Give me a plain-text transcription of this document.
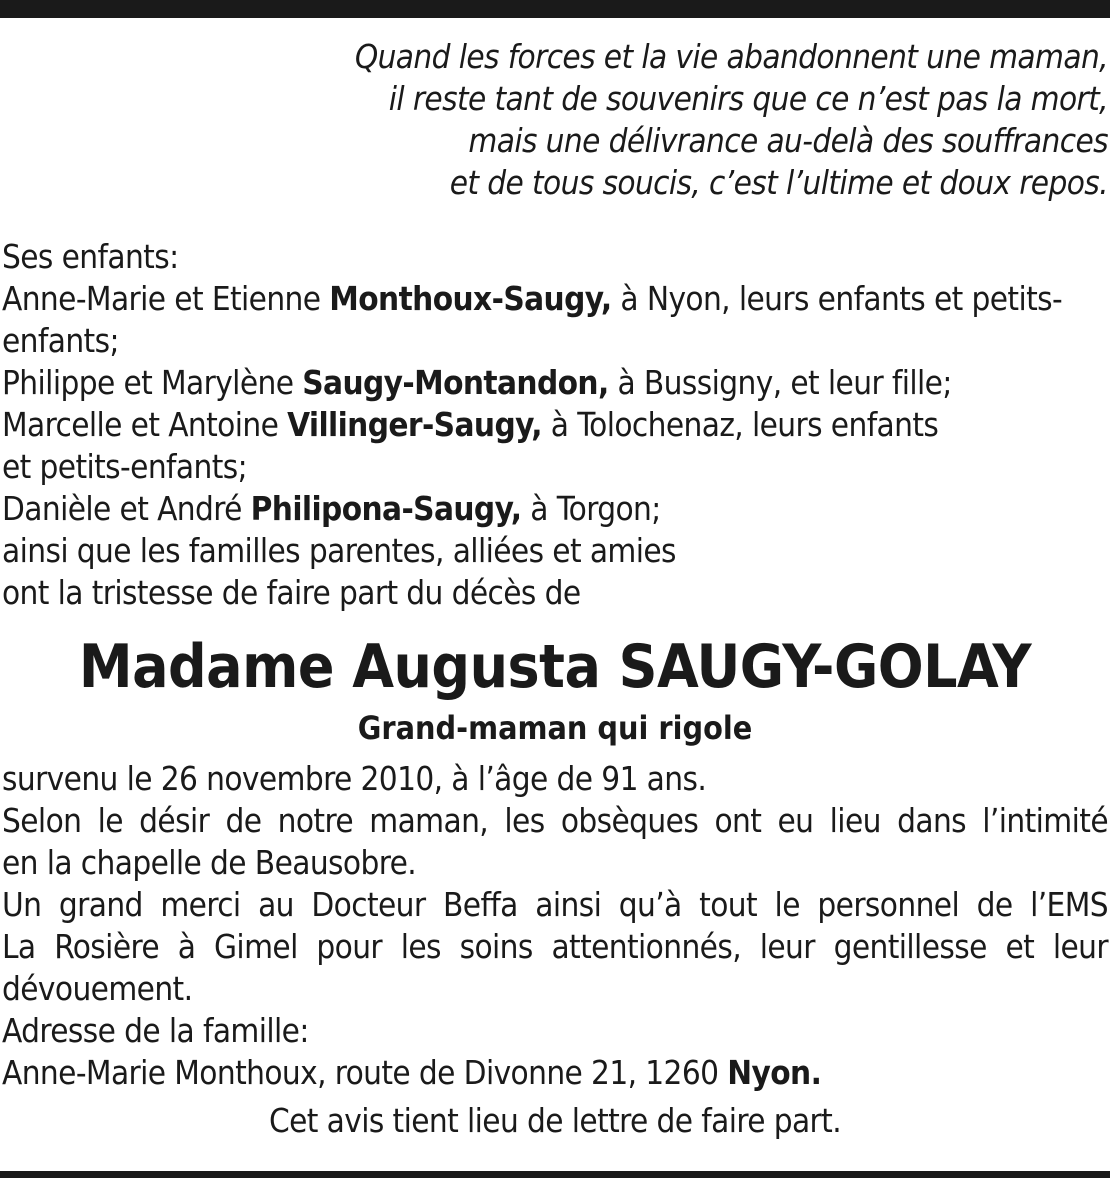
Quand les forces et la vie abandonnent une maman,
il reste tant de souvenirs que ce n’est pas la mort,
mais une délivrance au-delà des souffrances
et de tous soucis, c’est l’ultime et doux repos.
Ses enfants:
Anne-Marie et Etienne Monthoux-Saugy, à Nyon, leurs enfants et petits-
enfants;
Philippe et Marylène Saugy-Montandon, à Bussigny, et leur fille;
Marcelle et Antoine Villinger-Saugy, à Tolochenaz, leurs enfants
et petits-enfants;
Danièle et André Philipona-Saugy, à Torgon;
ainsi que les familles parentes, alliées et amies
ont la tristesse de faire part du décès de
Madame Augusta SAUGY-GOLAY
Grand-maman qui rigole
survenu le 26 novembre 2010, à l’âge de 91 ans.
Selon le désir de notre maman, les obsèques ont eu lieu dans l’intimité
en la chapelle de Beausobre.
Un grand merci au Docteur Beffa ainsi qu’à tout le personnel de l’EMS
La Rosière à Gimel pour les soins attentionnés, leur gentillesse et leur
dévouement.
Adresse de la famille:
Anne-Marie Monthoux, route de Divonne 21, 1260 Nyon.
Cet avis tient lieu de lettre de faire part.
